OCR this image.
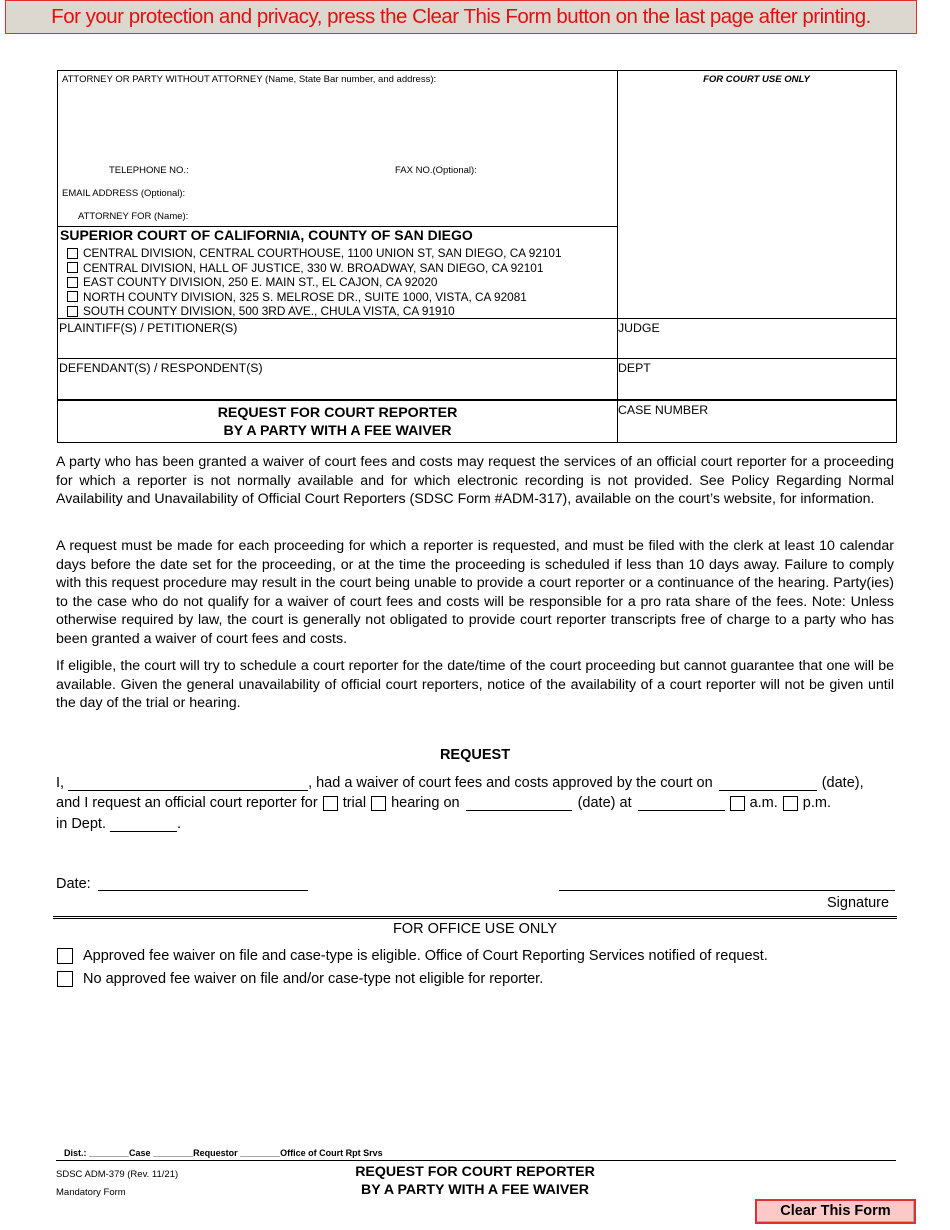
For your protection and privacy, press the Clear This Form button on the last page after printing.
ATTORNEY OR PARTY WITHOUT ATTORNEY (Name, State Bar number, and address):
TELEPHONE NO.:	FAX NO.(Optional):
EMAIL ADDRESS (Optional):
ATTORNEY FOR (Name):
FOR COURT USE ONLY
SUPERIOR COURT OF CALIFORNIA, COUNTY OF SAN DIEGO
CENTRAL DIVISION, CENTRAL COURTHOUSE, 1100 UNION ST, SAN DIEGO, CA 92101
CENTRAL DIVISION, HALL OF JUSTICE, 330 W. BROADWAY, SAN DIEGO, CA 92101
EAST COUNTY DIVISION, 250 E. MAIN ST., EL CAJON, CA 92020
NORTH COUNTY DIVISION, 325 S. MELROSE DR., SUITE 1000, VISTA, CA 92081
SOUTH COUNTY DIVISION, 500 3RD AVE., CHULA VISTA, CA 91910
PLAINTIFF(S) / PETITIONER(S)	JUDGE
DEFENDANT(S) / RESPONDENT(S)	DEPT
REQUEST FOR COURT REPORTER
BY A PARTY WITH A FEE WAIVER
CASE NUMBER
A party who has been granted a waiver of court fees and costs may request the services of an official court reporter for a proceeding for which a reporter is not normally available and for which electronic recording is not provided. See Policy Regarding Normal Availability and Unavailability of Official Court Reporters (SDSC Form #ADM-317), available on the court’s website, for information.
A request must be made for each proceeding for which a reporter is requested, and must be filed with the clerk at least 10 calendar days before the date set for the proceeding, or at the time the proceeding is scheduled if less than 10 days away. Failure to comply with this request procedure may result in the court being unable to provide a court reporter or a continuance of the hearing. Party(ies) to the case who do not qualify for a waiver of court fees and costs will be responsible for a pro rata share of the fees. Note: Unless otherwise required by law, the court is generally not obligated to provide court reporter transcripts free of charge to a party who has been granted a waiver of court fees and costs.
If eligible, the court will try to schedule a court reporter for the date/time of the court proceeding but cannot guarantee that one will be available. Given the general unavailability of official court reporters, notice of the availability of a court reporter will not be given until the day of the trial or hearing.
REQUEST
I,	, had a waiver of court fees and costs approved by the court on	(date),
and I request an official court reporter for trial hearing on	(date) at	a.m. p.m.
in Dept.	.
Date:
Signature
FOR OFFICE USE ONLY
Approved fee waiver on file and case-type is eligible. Office of Court Reporting Services notified of request.
No approved fee waiver on file and/or case-type not eligible for reporter.
Dist.: ________Case ________Requestor ________Office of Court Rpt Srvs
SDSC ADM-379 (Rev. 11/21)
Mandatory Form
REQUEST FOR COURT REPORTER
BY A PARTY WITH A FEE WAIVER
Clear This Form
